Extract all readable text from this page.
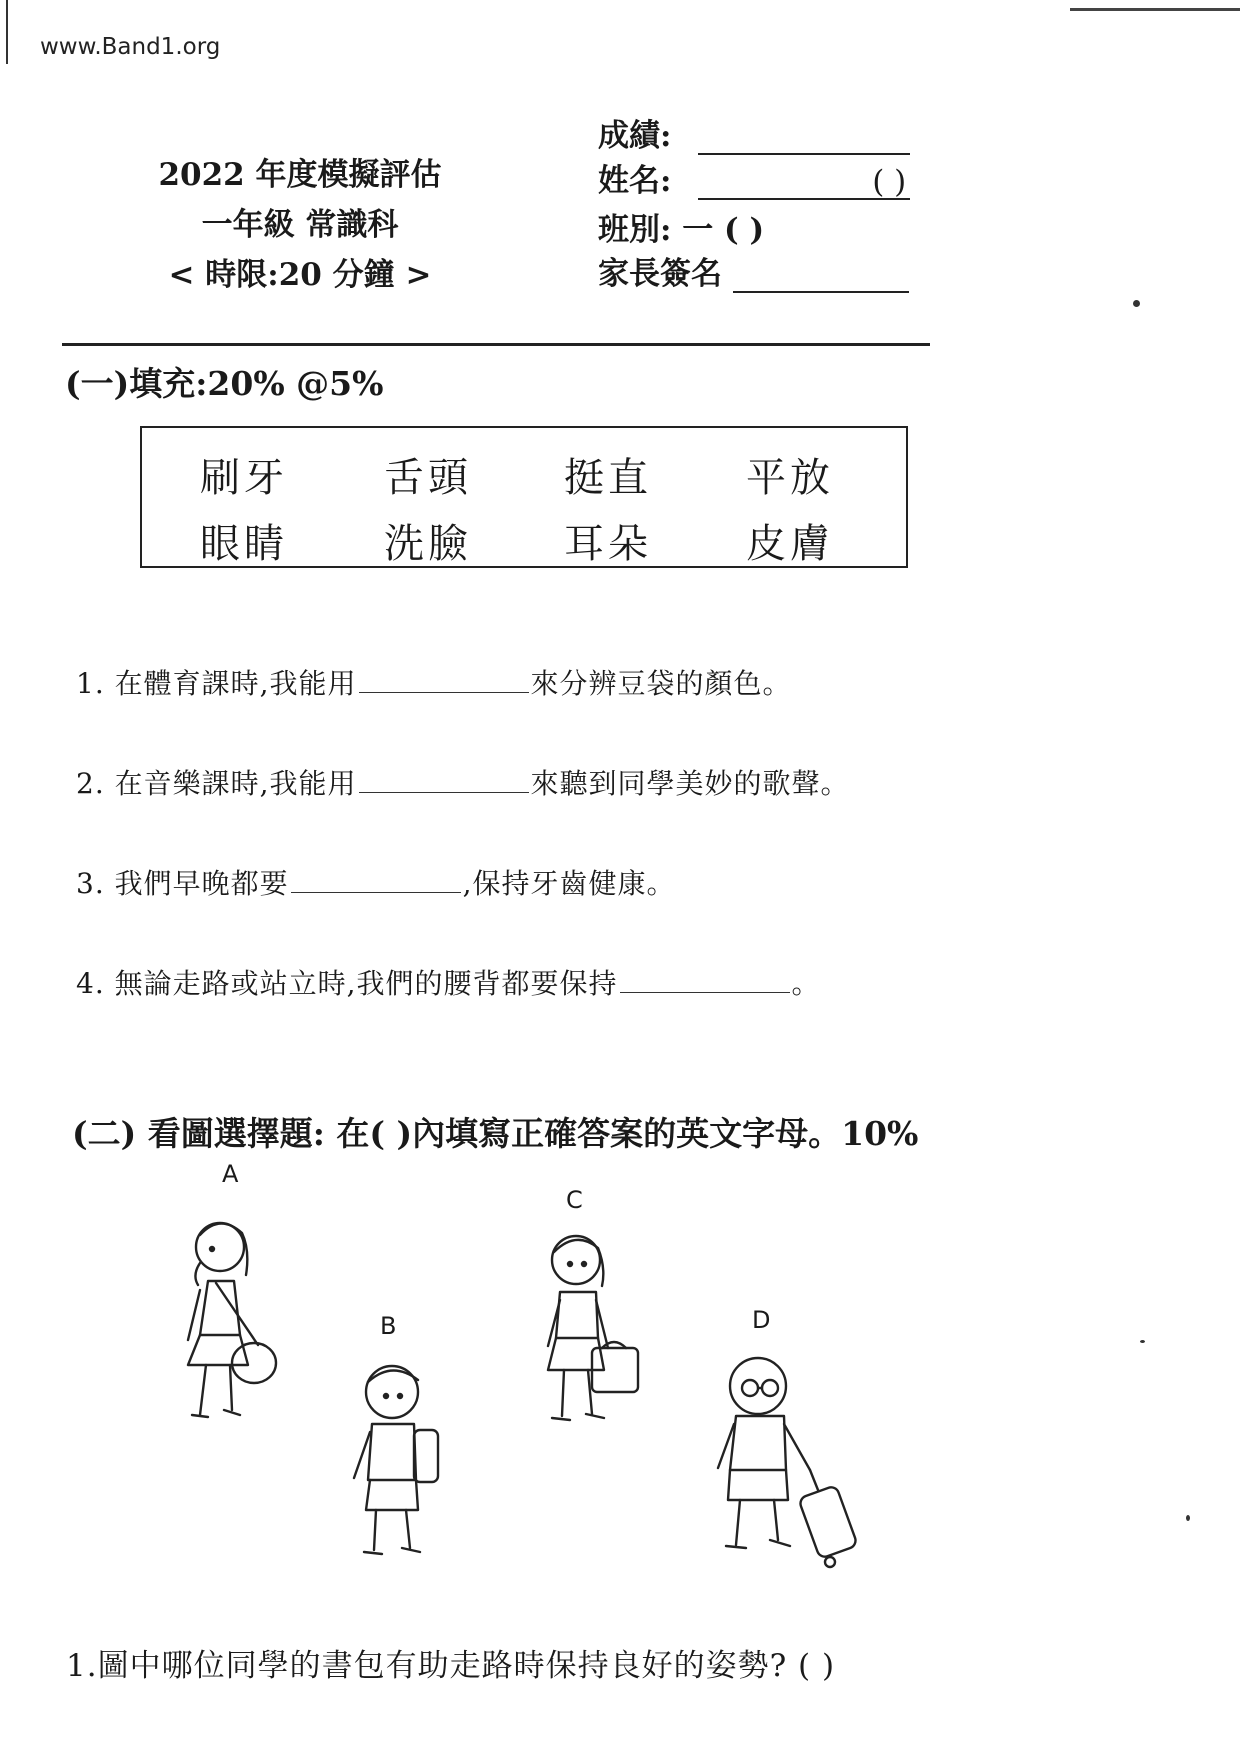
www.Band1.org
2022 年度模擬評估
一年級 常識科
< 時限:20 分鐘 >
成績:
姓名:	( )
班別: 一 ( )
家長簽名
(一)填充:20% @5%
刷牙 舌頭 挺直 平放
眼睛 洗臉 耳朵 皮膚
1. 在體育課時,我能用	來分辨豆袋的顏色。
2. 在音樂課時,我能用	來聽到同學美妙的歌聲。
3. 我們早晚都要	,保持牙齒健康。
4. 無論走路或站立時,我們的腰背都要保持	。
(二) 看圖選擇題: 在( )內填寫正確答案的英文字母。10%
A
B
C
D
1.圖中哪位同學的書包有助走路時保持良好的姿勢? ( )
